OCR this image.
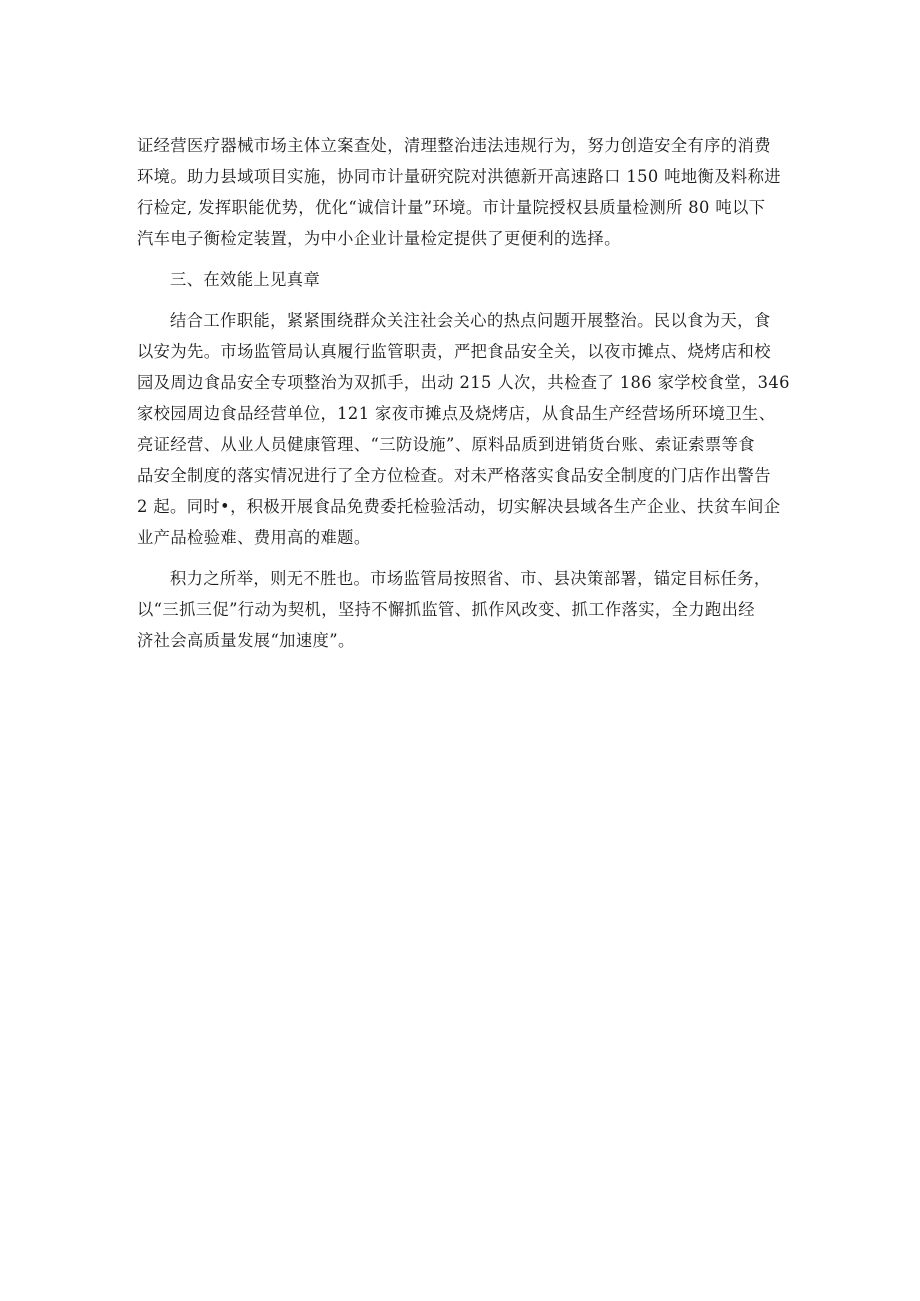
证经营医疗器械市场主体立案查处，清理整治违法违规行为，努力创造安全有序的消费
环境。助力县域项目实施，协同市计量研究院对洪德新开高速路口 150 吨地衡及料称进
行检定, 发挥职能优势，优化“诚信计量”环境。市计量院授权县质量检测所 80 吨以下
汽车电子衡检定装置，为中小企业计量检定提供了更便利的选择。
三、在效能上见真章
结合工作职能，紧紧围绕群众关注社会关心的热点问题开展整治。民以食为天，食
以安为先。市场监管局认真履行监管职责，严把食品安全关，以夜市摊点、烧烤店和校
园及周边食品安全专项整治为双抓手，出动 215 人次，共检查了 186 家学校食堂，346
家校园周边食品经营单位，121 家夜市摊点及烧烤店，从食品生产经营场所环境卫生、
亮证经营、从业人员健康管理、“三防设施”、原料品质到进销货台账、索证索票等食
品安全制度的落实情况进行了全方位检查。对未严格落实食品安全制度的门店作出警告
2 起。同时•，积极开展食品免费委托检验活动，切实解决县域各生产企业、扶贫车间企
业产品检验难、费用高的难题。
积力之所举，则无不胜也。市场监管局按照省、市、县决策部署，锚定目标任务，
以“三抓三促”行动为契机，坚持不懈抓监管、抓作风改变、抓工作落实，全力跑出经
济社会高质量发展“加速度”。
